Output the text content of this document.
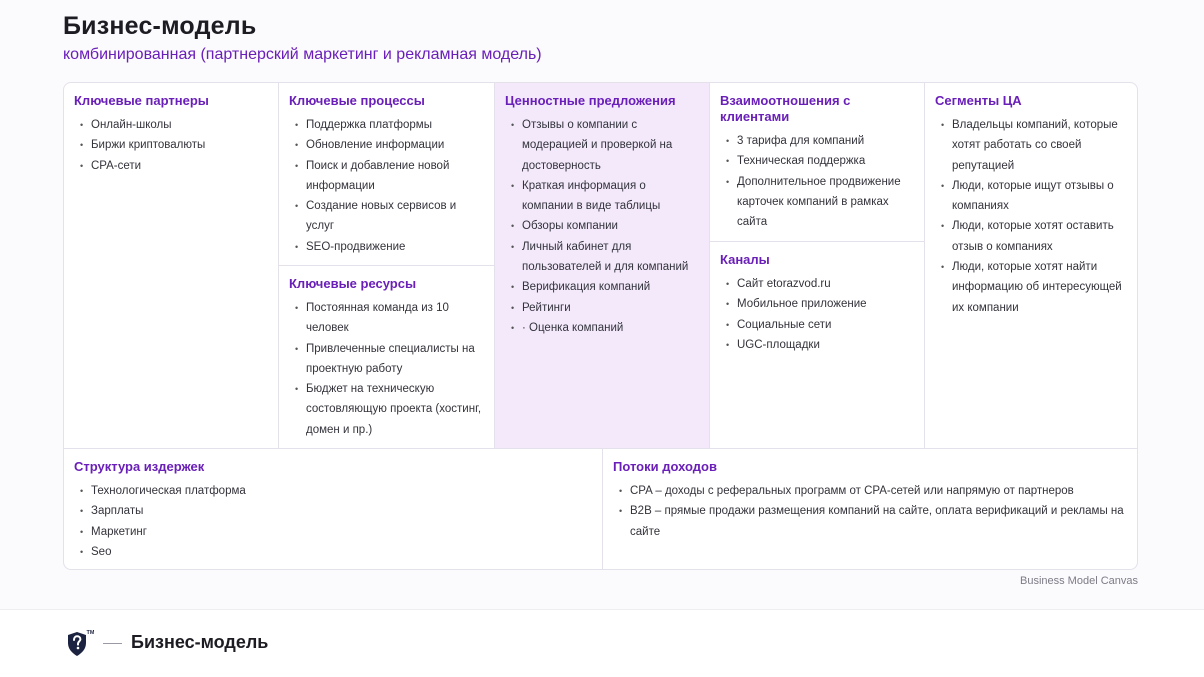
Бизнес-модель
комбинированная (партнерский маркетинг и рекламная модель)
Ключевые партнеры
• Онлайн-школы
• Биржи криптовалюты
• CPA-сети
Ключевые процессы
• Поддержка платформы
• Обновление информации
• Поиск и добавление новой информации
• Создание новых сервисов и услуг
• SEO-продвижение
Ключевые ресурсы
• Постоянная команда из 10 человек
• Привлеченные специалисты на проектную работу
• Бюджет на техническую состовляющую проекта (хостинг, домен и пр.)
Ценностные предложения
• Отзывы о компании с модерацией и проверкой на достоверность
• Краткая информация о компании в виде таблицы
• Обзоры компании
• Личный кабинет для пользователей и для компаний
• Верификация компаний
• Рейтинги
• · Оценка компаний
Взаимоотношения с клиентами
• 3 тарифа для компаний
• Техническая поддержка
• Дополнительное продвижение карточек компаний в рамках сайта
Каналы
• Сайт etorazvod.ru
• Мобильное приложение
• Социальные сети
• UGC-площадки
Сегменты ЦА
• Владельцы компаний, которые хотят работать со своей репутацией
• Люди, которые ищут отзывы о компаниях
• Люди, которые хотят оставить отзыв о компаниях
• Люди, которые хотят найти информацию об интересующей их компании
Структура издержек
• Технологическая платформа
• Зарплаты
• Маркетинг
• Seo
Потоки доходов
• CPA – доходы с реферальных программ от CPA-сетей или напрямую от партнеров
• B2B – прямые продажи размещения компаний на сайте, оплата верификаций и рекламы на сайте
Business Model Canvas
TM Бизнес-модель
